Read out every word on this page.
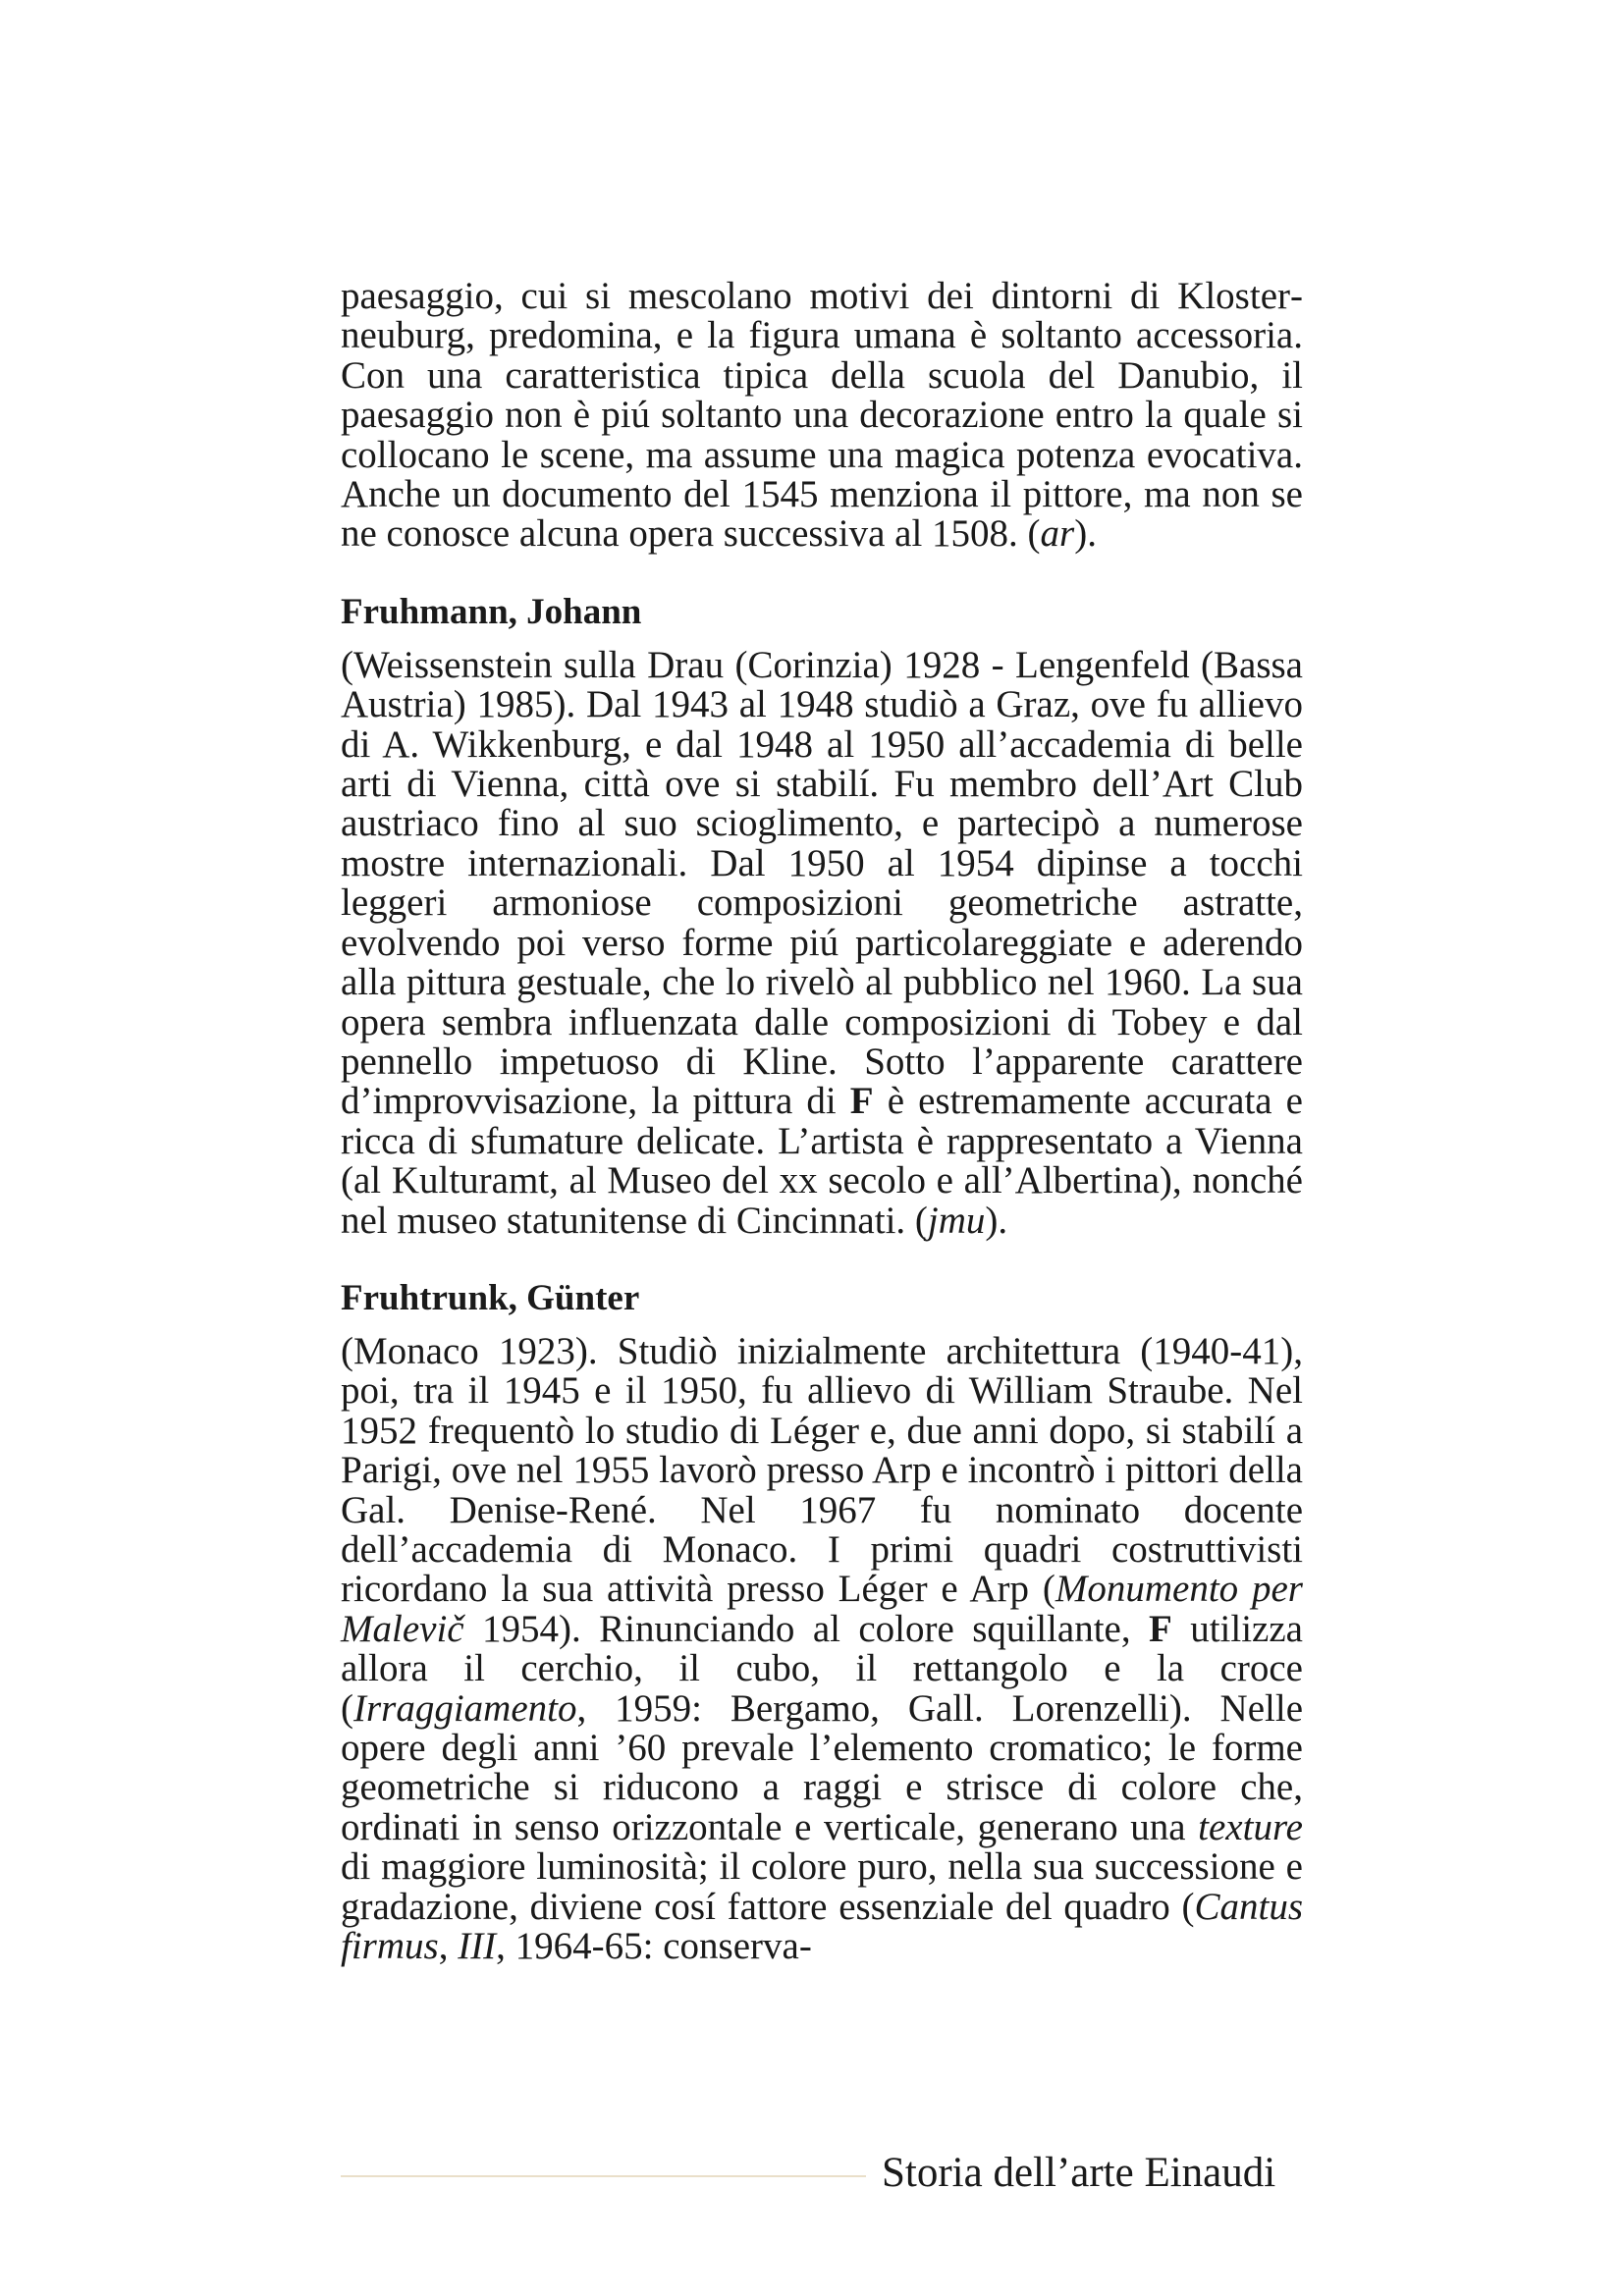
paesaggio, cui si mescolano motivi dei dintorni di Klosterneuburg, predomina, e la figura umana è soltanto accessoria. Con una caratteristica tipica della scuola del Danubio, il paesaggio non è piú soltanto una decorazione entro la quale si collocano le scene, ma assume una magica potenza evocativa. Anche un documento del 1545 menziona il pittore, ma non se ne conosce alcuna opera successiva al 1508. (ar).

Fruhmann, Johann

(Weissenstein sulla Drau (Corinzia) 1928 - Lengenfeld (Bassa Austria) 1985). Dal 1943 al 1948 studiò a Graz, ove fu allievo di A. Wikkenburg, e dal 1948 al 1950 all’accademia di belle arti di Vienna, città ove si stabilí. Fu membro dell’Art Club austriaco fino al suo scioglimento, e partecipò a numerose mostre internazionali. Dal 1950 al 1954 dipinse a tocchi leggeri armoniose composizioni geometriche astratte, evolvendo poi verso forme piú particolareggiate e aderendo alla pittura gestuale, che lo rivelò al pubblico nel 1960. La sua opera sembra influenzata dalle composizioni di Tobey e dal pennello impetuoso di Kline. Sotto l’apparente carattere d’improvvisazione, la pittura di F è estremamente accurata e ricca di sfumature delicate. L’artista è rappresentato a Vienna (al Kulturamt, al Museo del xx secolo e all’Albertina), nonché nel museo statunitense di Cincinnati. (jmu).

Fruhtrunk, Günter

(Monaco 1923). Studiò inizialmente architettura (1940-41), poi, tra il 1945 e il 1950, fu allievo di William Straube. Nel 1952 frequentò lo studio di Léger e, due anni dopo, si stabilí a Parigi, ove nel 1955 lavorò presso Arp e incontrò i pittori della Gal. Denise-René. Nel 1967 fu nominato docente dell’accademia di Monaco. I primi quadri costruttivisti ricordano la sua attività presso Léger e Arp (Monumento per Malevič 1954). Rinunciando al colore squillante, F utilizza allora il cerchio, il cubo, il rettangolo e la croce (Irraggiamento, 1959: Bergamo, Gall. Lorenzelli). Nelle opere degli anni ’60 prevale l’elemento cromatico; le forme geometriche si riducono a raggi e strisce di colore che, ordinati in senso orizzontale e verticale, generano una texture di maggiore luminosità; il colore puro, nella sua successione e gradazione, diviene cosí fattore essenziale del quadro (Cantus firmus, III, 1964-65: conserva-

Storia dell’arte Einaudi
